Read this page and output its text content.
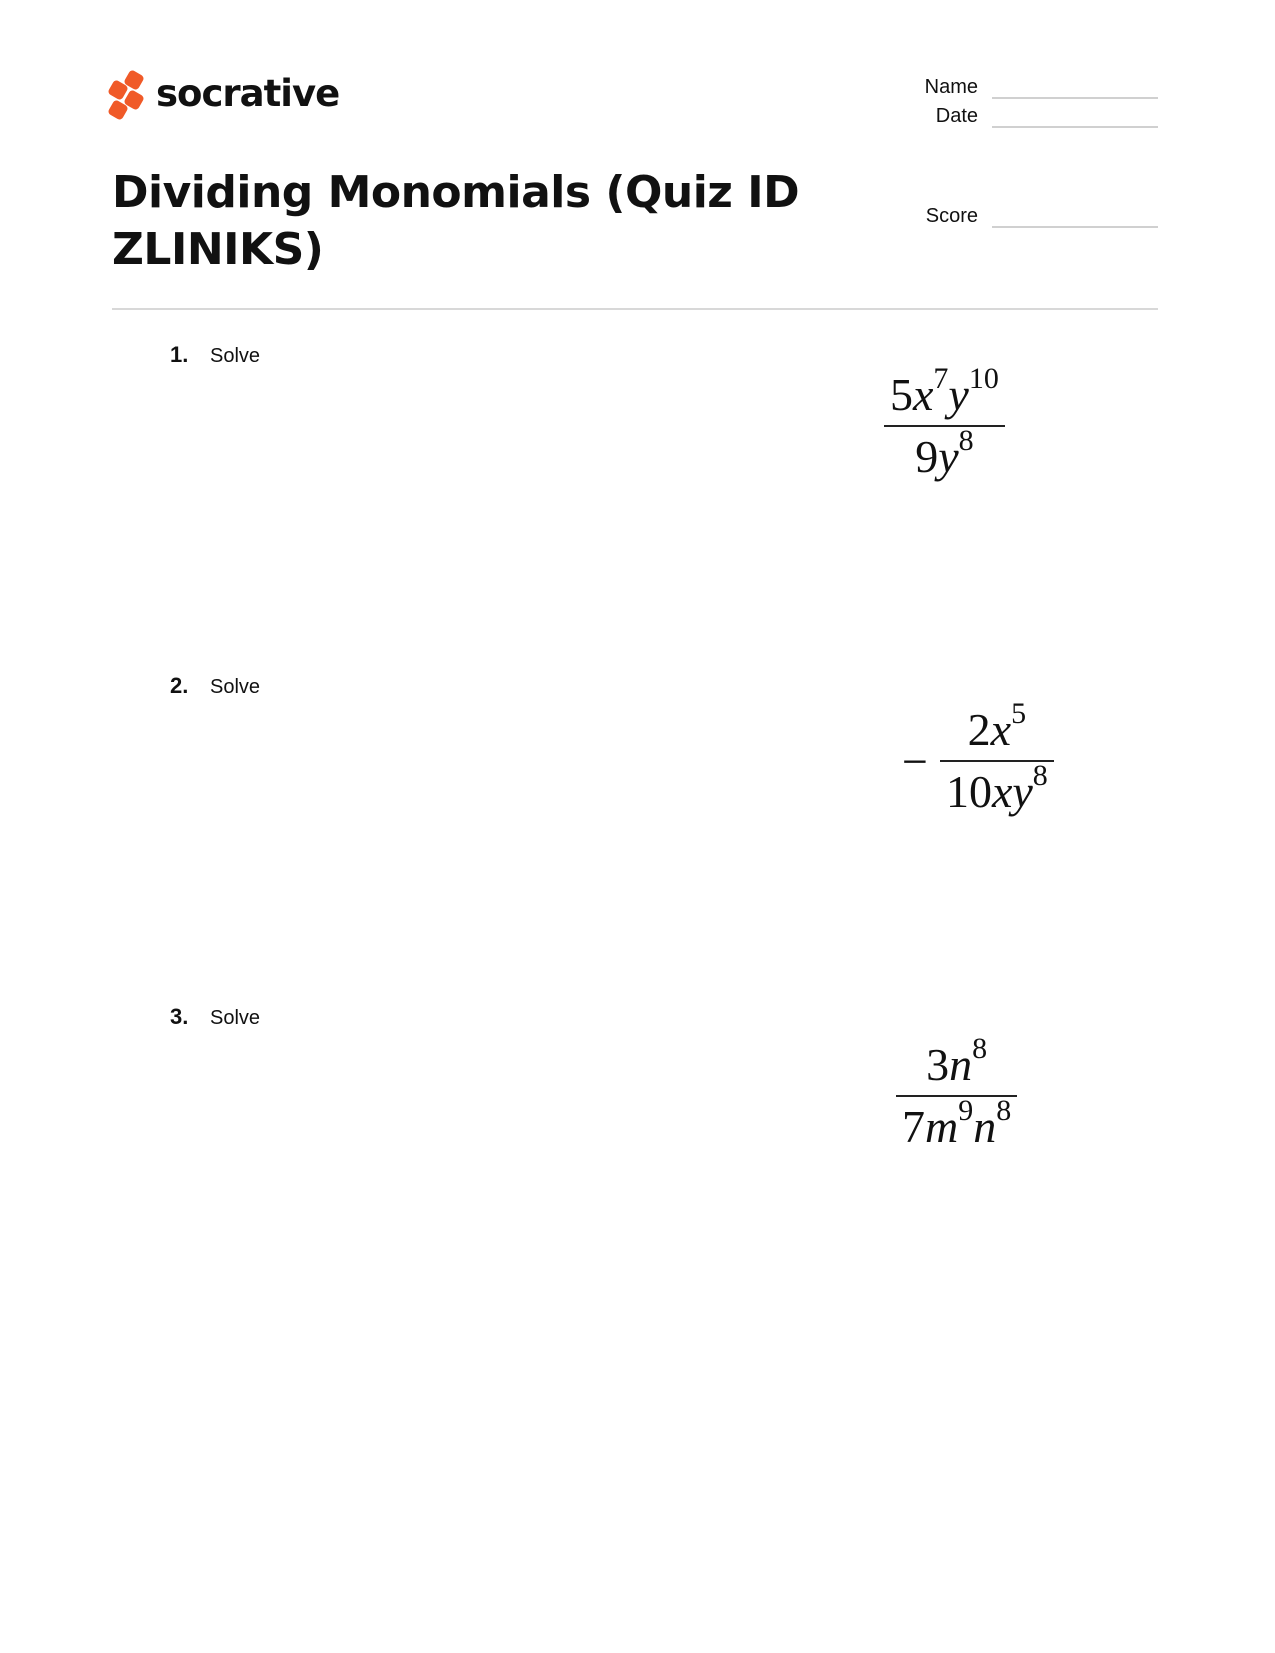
socrative
Dividing Monomials (Quiz ID ZLINIKS)
Name
Date
Score
1. Solve
$\frac{5x^7y^{10}}{9y^8}$
2. Solve
− $\frac{2x^5}{10xy^8}$
3. Solve
$\frac{3n^8}{7m^9n^8}$
